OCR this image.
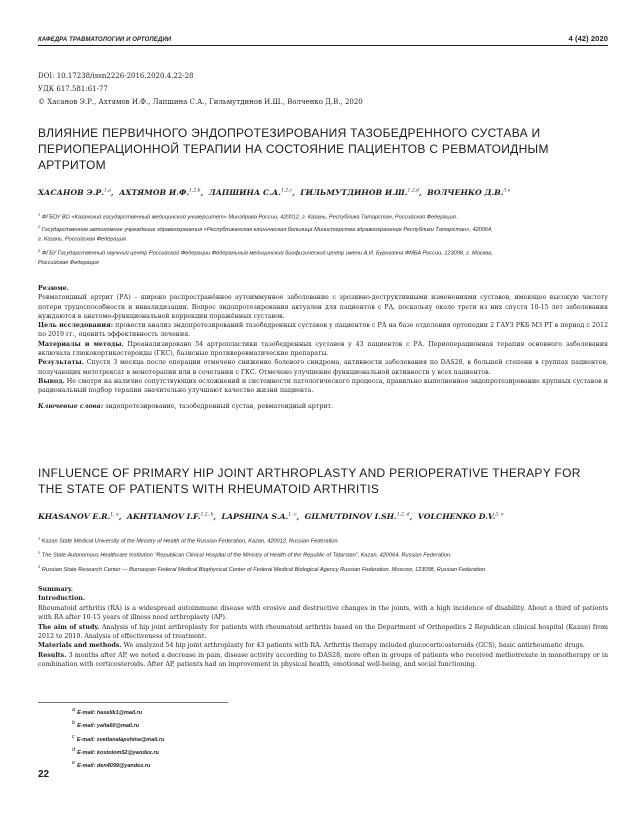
КАФЕДРА ТРАВМАТОЛОГИИ И ОРТОПЕДИИ	4 (42) 2020
DOI: 10.17238/issn2226-2016.2020.4.22-28
УДК 617.581:61-77
© Хасанов Э.Р., Ахтямов И.Ф., Лапшина С.А., Гильмутдинов И.Ш., Волченко Д.В., 2020
ВЛИЯНИЕ ПЕРВИЧНОГО ЭНДОПРОТЕЗИРОВАНИЯ ТАЗОБЕДРЕННОГО СУСТАВА И
ПЕРИОПЕРАЦИОННОЙ ТЕРАПИИ НА СОСТОЯНИЕ ПАЦИЕНТОВ С РЕВМАТОИДНЫМ
АРТРИТОМ
ХАСАНОВ Э.Р.$^{1,a}$,  АХТЯМОВ И.Ф.$^{1,2,b}$,  ЛАПШИНА С.А.$^{1,2,c}$,  ГИЛЬМУТДИНОВ И.Ш.$^{1,2,d}$,  ВОЛЧЕНКО Д.В.$^{3,e}$
$^1$ ФГБОУ ВО «Казанский государственный медицинский университет» Минздрава России, 420012, г. Казань, Республика Татарстан, Российская Федерация.
$^2$ Государственное автономное учреждение здравоохранения «Республиканская клиническая больница Министерства здравоохранения Республики Татарстан», 420064,
г. Казань, Российская Федерация.
$^3$ ФГБУ Государственный научный центр Российской Федерации Федеральный медицинский биофизический центр имени А.И. Бурназяна ФМБА России, 123098, г. Москва,
Российская Федерация

Резюме.

Ревматоидный артрит (РА) – широко распространённое аутоиммунное заболевание с эрозивно-деструктивными изменениями суставов, имеющее высокую частоту потери трудоспособности и инвалидизации. Вопрос эндопротезирования актуален для пациентов с РА, поскольку около трети из них спустя 10-15 лет заболевания нуждаются в анатомо-функциональной коррекции поражённых суставов.

Цель исследования: провести анализ эндопротезирований тазобедренных суставов у пациентов с РА на базе отделения ортопедии 2 ГАУЗ РКБ МЗ РТ в период с 2012 по 2019 гг., оценить эффективность лечения.

Материалы и методы. Проанализировано 54 артропластики тазобедренных суставов у 43 пациентов с РА. Периоперационная терапия основного заболевания включала глюкокортикостероиды (ГКС), базисные противоревматические препараты.

Результаты. Спустя 3 месяца после операции отмечено снижение болевого синдрома, активности заболевания по DAS28, в большей степени в группах пациентов, получающих метотрексат в монотерапии или в сочетании с ГКС. Отмечено улучшение функциональной активности у всех пациентов.

Вывод. Не смотря на наличие сопутствующих осложнений и системности патологического процесса, правильно выполненное эндопротезирование крупных суставов и рациональный подбор терапии значительно улучшают качество жизни пациента.

Ключевые слова: эндопротезирование, тазобедренный сустав, ревматоидный артрит.

INFLUENCE OF PRIMARY HIP JOINT ARTHROPLASTY AND PERIOPERATIVE THERAPY FOR
THE STATE OF PATIENTS WITH RHEUMATOID ARTHRITIS
KHASANOV E.R.$^{1, a}$,  AKHTIAMOV I.F.$^{1,2, b}$,  LAPSHINA S.A.$^{1, c}$,  GILMUTDINOV I.SH.$^{1,2, d}$,  VOLCHENKO D.V.$^{3, e}$
$^1$ Kazan State Medical University of the Ministry of Health of the Russian Federation, Kazan, 420012, Russian Federation.
$^2$ The State Autonomous Healthcare Institution “Republican Clinical Hospital of the Ministry of Health of the Republic of Tatarstan”, Kazan, 420064, Russian Federation.
$^3$ Russian State Research Center — Burnasyan Federal Medical Biophysical Center of Federal Medical Biological Agency Russian Federation, Moscow, 123098, Russian Federation.

Summary.

Introduction.

Rheumatoid arthritis (RA) is a widespread autoimmune disease with erosive and destructive changes in the joints, with a high incidence of disability. About a third of patients with RA after 10-15 years of illness need arthroplasty (AP).

The aim of study. Analysis of hip joint arthroplasty for patients with rheumatoid arthritis based on the Department of Orthopedics 2 Republican clinical hospital (Kazan) from 2012 to 2019. Analysis of effectiveness of treatment.

Materials and methods. We analyzed 54 hip joint arthroplasty for 43 patients with RA. Arthritis therapy included glucocorticosteroids (GCS), basic antirheumatic drugs.

Results. 3 months after AP, we noted a decrease in pain, disease activity according to DAS28, more often in groups of patients who received methotrexate in monotherapy or in combination with corticosteroids. After AP, patients had an improvement in physical health, emotional well-being, and social functioning.

$^a$ E-mail: haselik1@mail.ru
$^b$ E-mail: yalta60@mail.ru
$^c$ E-mail: svetlanalapshina@mail.ru
$^d$ E-mail: kostolom52@yandex.ru
$^e$ E-mail: den4099@yandex.ru
22
